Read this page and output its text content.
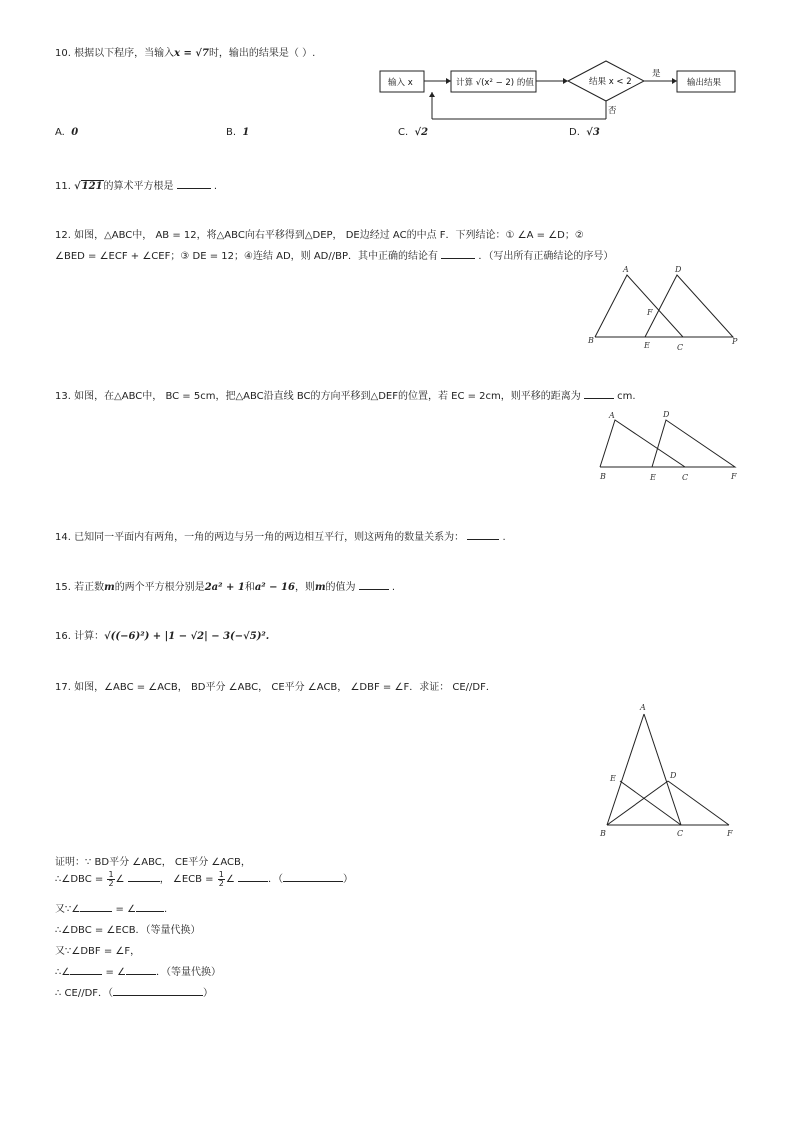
10. 根据以下程序，当输入x = √7时，输出的结果是（ ）.
输入 x	计算 √(x² − 2) 的值	结果 x < 2
是
输出结果
否
A. 0	B. 1	C. √2	D. √3
11. √121的算术平方根是	.
12. 如图，△ABC中， AB = 12，将△ABC向右平移得到△DEP， DE边经过 AC的中点 F．下列结论：① ∠A = ∠D；②
∠BED = ∠ECF + ∠CEF；③ DE = 12；④连结 AD，则 AD//BP．其中正确的结论有	．（写出所有正确结论的序号）
A	D
F
B
E	C
P
13. 如图，在△ABC中， BC = 5cm，把△ABC沿直线 BC的方向平移到△DEF的位置，若 EC = 2cm，则平移的距离为	cm.
A	D
B	E	C	F
14. 已知同一平面内有两角，一角的两边与另一角的两边相互平行，则这两角的数量关系为：	.
15. 若正数m的两个平方根分别是2a² + 1和a² − 16，则m的值为	.
16. 计算：√((−6)²) + |1 − √2| − 3(−√5)².
17. 如图，∠ABC = ∠ACB， BD平分 ∠ABC， CE平分 ∠ACB， ∠DBF = ∠F．求证： CE//DF．
A
E	D
B	C	F
证明：∵ BD平分 ∠ABC， CE平分 ∠ACB，
∴∠DBC = $\frac{1}{2}$ ∠	， ∠ECB = $\frac{1}{2}$ ∠	．（	）
又∵∠	= ∠	.
∴∠DBC = ∠ECB．（等量代换）
又∵∠DBF = ∠F，
∴∠	= ∠	．（等量代换）
∴ CE//DF．（	）
